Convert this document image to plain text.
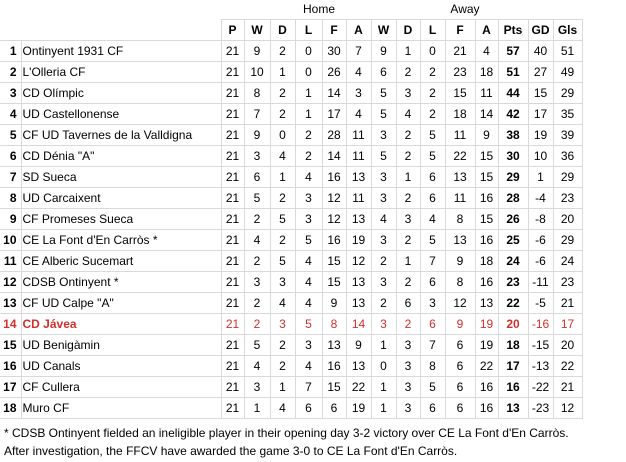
Home	Away
		P	W	D	L	F	A	W	D	L	F	A	Pts	GD	Gls
1	Ontinyent 1931 CF	21	9	2	0	30	7	9	1	0	21	4	57	40	51
2	L'Olleria CF	21	10	1	0	26	4	6	2	2	23	18	51	27	49
3	CD Olímpic	21	8	2	1	14	3	5	3	2	15	11	44	15	29
4	UD Castellonense	21	7	2	1	17	4	5	4	2	18	14	42	17	35
5	CF UD Tavernes de la Valldigna	21	9	0	2	28	11	3	2	5	11	9	38	19	39
6	CD Dénia "A"	21	3	4	2	14	11	5	2	5	22	15	30	10	36
7	SD Sueca	21	6	1	4	16	13	3	1	6	13	15	29	1	29
8	UD Carcaixent	21	5	2	3	12	11	3	2	6	11	16	28	-4	23
9	CF Promeses Sueca	21	2	5	3	12	13	4	3	4	8	15	26	-8	20
10	CE La Font d'En Carròs *	21	4	2	5	16	19	3	2	5	13	16	25	-6	29
11	CE Alberic Sucemart	21	2	5	4	15	12	2	1	7	9	18	24	-6	24
12	CDSB Ontinyent *	21	3	3	4	15	13	3	2	6	8	16	23	-11	23
13	CF UD Calpe "A"	21	2	4	4	9	13	2	6	3	12	13	22	-5	21
14	CD Jávea	21	2	3	5	8	14	3	2	6	9	19	20	-16	17
15	UD Benigàmin	21	5	2	3	13	9	1	3	7	6	19	18	-15	20
16	UD Canals	21	4	2	4	16	13	0	3	8	6	22	17	-13	22
17	CF Cullera	21	3	1	7	15	22	1	3	5	6	16	16	-22	21
18	Muro CF	21	1	4	6	6	19	1	3	6	6	16	13	-23	12
* CDSB Ontinyent fielded an ineligible player in their opening day 3-2 victory over CE La Font d'En Carròs.
After investigation, the FFCV have awarded the game 3-0 to CE La Font d'En Carròs.
